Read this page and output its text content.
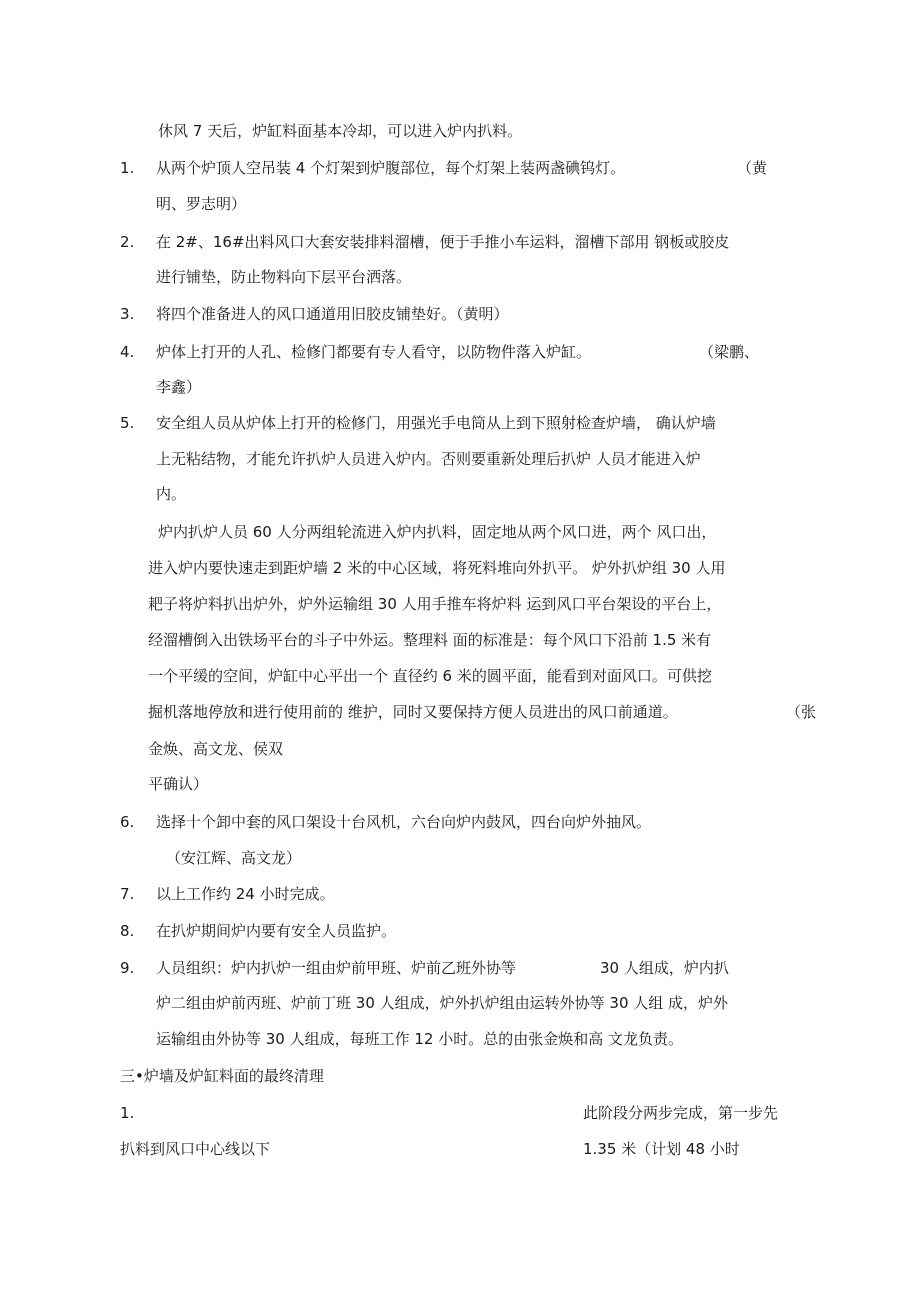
休风 7 天后，炉缸料面基本冷却，可以进入炉内扒料。
1. 从两个炉顶人空吊装 4 个灯架到炉腹部位，每个灯架上装两盏碘钨灯。	（黄
明、罗志明）
2. 在 2#、16#出料风口大套安装排料溜槽，便于手推小车运料，溜槽下部用 钢板或胶皮
进行铺垫，防止物料向下层平台洒落。
3. 将四个准备进人的风口通道用旧胶皮铺垫好。（黄明）
4. 炉体上打开的人孔、检修门都要有专人看守，以防物件落入炉缸。	（梁鹏、
李鑫）
5. 安全组人员从炉体上打开的检修门，用强光手电筒从上到下照射检查炉墙， 确认炉墙
上无粘结物，才能允许扒炉人员进入炉内。否则要重新处理后扒炉 人员才能进入炉
内。
炉内扒炉人员 60 人分两组轮流进入炉内扒料，固定地从两个风口进，两个 风口出，
进入炉内要快速走到距炉墙 2 米的中心区域，将死料堆向外扒平。 炉外扒炉组 30 人用
耙子将炉料扒出炉外，炉外运输组 30 人用手推车将炉料 运到风口平台架设的平台上，
经溜槽倒入出铁场平台的斗子中外运。整理料 面的标准是：每个风口下沿前 1.5 米有
一个平缓的空间，炉缸中心平出一个 直径约 6 米的圆平面，能看到对面风口。可供挖
掘机落地停放和进行使用前的 维护，同时又要保持方便人员进出的风口前通道。	（张
金焕、高文龙、侯双
平确认）
6. 选择十个卸中套的风口架设十台风机，六台向炉内鼓风，四台向炉外抽风。
（安江辉、高文龙）
7. 以上工作约 24 小时完成。
8. 在扒炉期间炉内要有安全人员监护。
9. 人员组织：炉内扒炉一组由炉前甲班、炉前乙班外协等	30 人组成，炉内扒
炉二组由炉前丙班、炉前丁班 30 人组成，炉外扒炉组由运转外协等 30 人组 成，炉外
运输组由外协等 30 人组成，每班工作 12 小时。总的由张金焕和高 文龙负责。
三•炉墙及炉缸料面的最终清理
1.	此阶段分两步完成，第一步先
扒料到风口中心线以下	1.35 米（计划 48 小时
